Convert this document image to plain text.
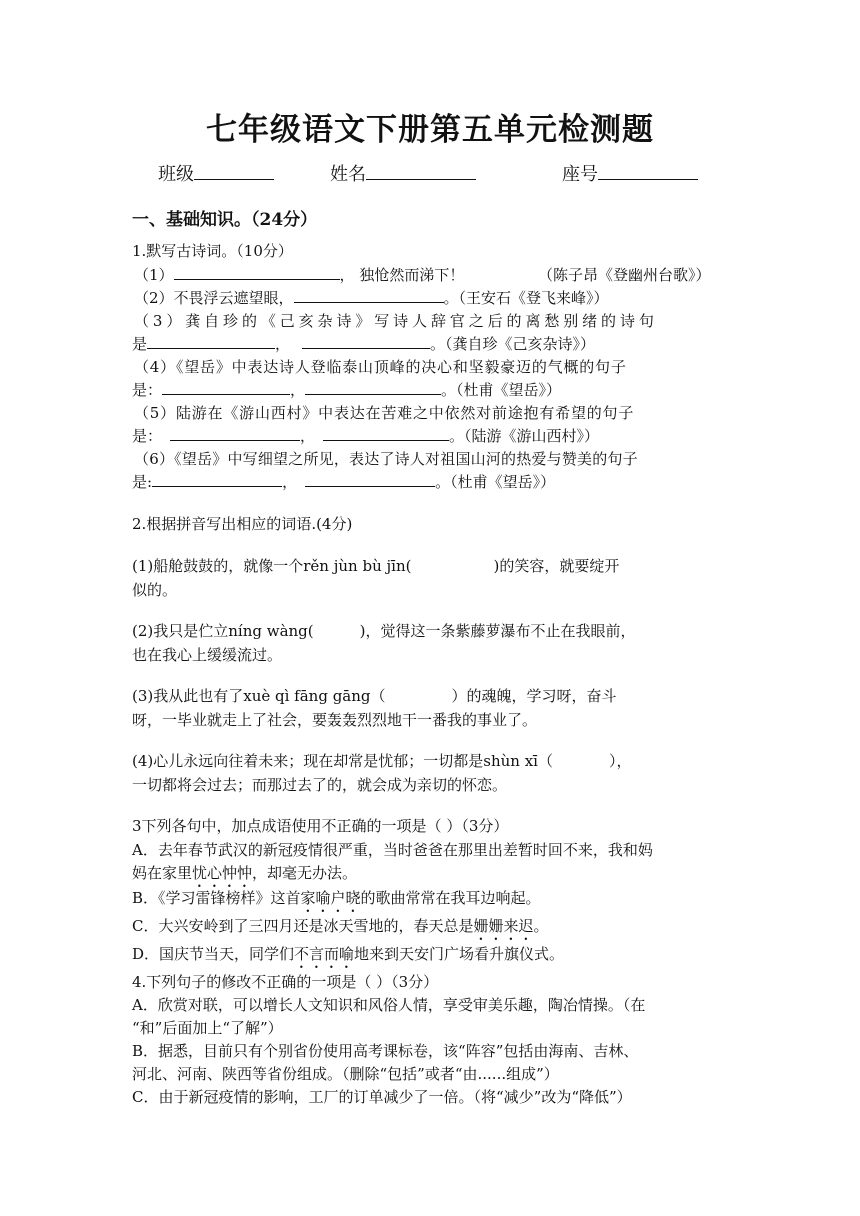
七年级语文下册第五单元检测题
班级	姓名	座号
一、基础知识。（24分）
1.默写古诗词。（10分）
（1）	， 独怆然而涕下！	（陈子昂《登幽州台歌》）
（2）不畏浮云遮望眼，	。（王安石《登飞来峰》）
（3）龚自珍的《己亥杂诗》写诗人辞官之后的离愁别绪的诗句
是	，	。（龚自珍《己亥杂诗》）
（4）《望岳》中表达诗人登临泰山顶峰的决心和坚毅豪迈的气概的句子
是：	，	。（杜甫《望岳》）
（5）陆游在《游山西村》中表达在苦难之中依然对前途抱有希望的句子
是：	，	。（陆游《游山西村》）
（6）《望岳》中写细望之所见，表达了诗人对祖国山河的热爱与赞美的句子
是:	，	。（杜甫《望岳》）
2.根据拼音写出相应的词语.(4分)
(1)船舱鼓鼓的，就像一个rěn jùn bù jīn(	)的笑容，就要绽开
似的。
(2)我只是伫立níng wàng(	)，觉得这一条紫藤萝瀑布不止在我眼前，
也在我心上缓缓流过。
(3)我从此也有了xuè qì fāng gāng（	）的魂魄，学习呀，奋斗
呀，一毕业就走上了社会，要轰轰烈烈地干一番我的事业了。
(4)心儿永远向往着未来；现在却常是忧郁；一切都是shùn xī（	），
一切都将会过去；而那过去了的，就会成为亲切的怀恋。
3下列各句中，加点成语使用不正确的一项是（ ）（3分）
A．去年春节武汉的新冠疫情很严重，当时爸爸在那里出差暂时回不来，我和妈
妈在家里忧心忡忡，却毫无办法。
B．《学习雷锋榜样》这首家喻户晓的歌曲常常在我耳边响起。
C．大兴安岭到了三四月还是冰天雪地的，春天总是姗姗来迟。
D．国庆节当天，同学们不言而喻地来到天安门广场看升旗仪式。
4.下列句子的修改不正确的一项是（ ）（3分）
A．欣赏对联，可以增长人文知识和风俗人情，享受审美乐趣，陶冶情操。（在
“和”后面加上“了解”）
B．据悉，目前只有个别省份使用高考课标卷，该“阵容”包括由海南、吉林、
河北、河南、陕西等省份组成。（删除“包括”或者“由......组成”）
C．由于新冠疫情的影响，工厂的订单减少了一倍。（将“减少”改为“降低”）
